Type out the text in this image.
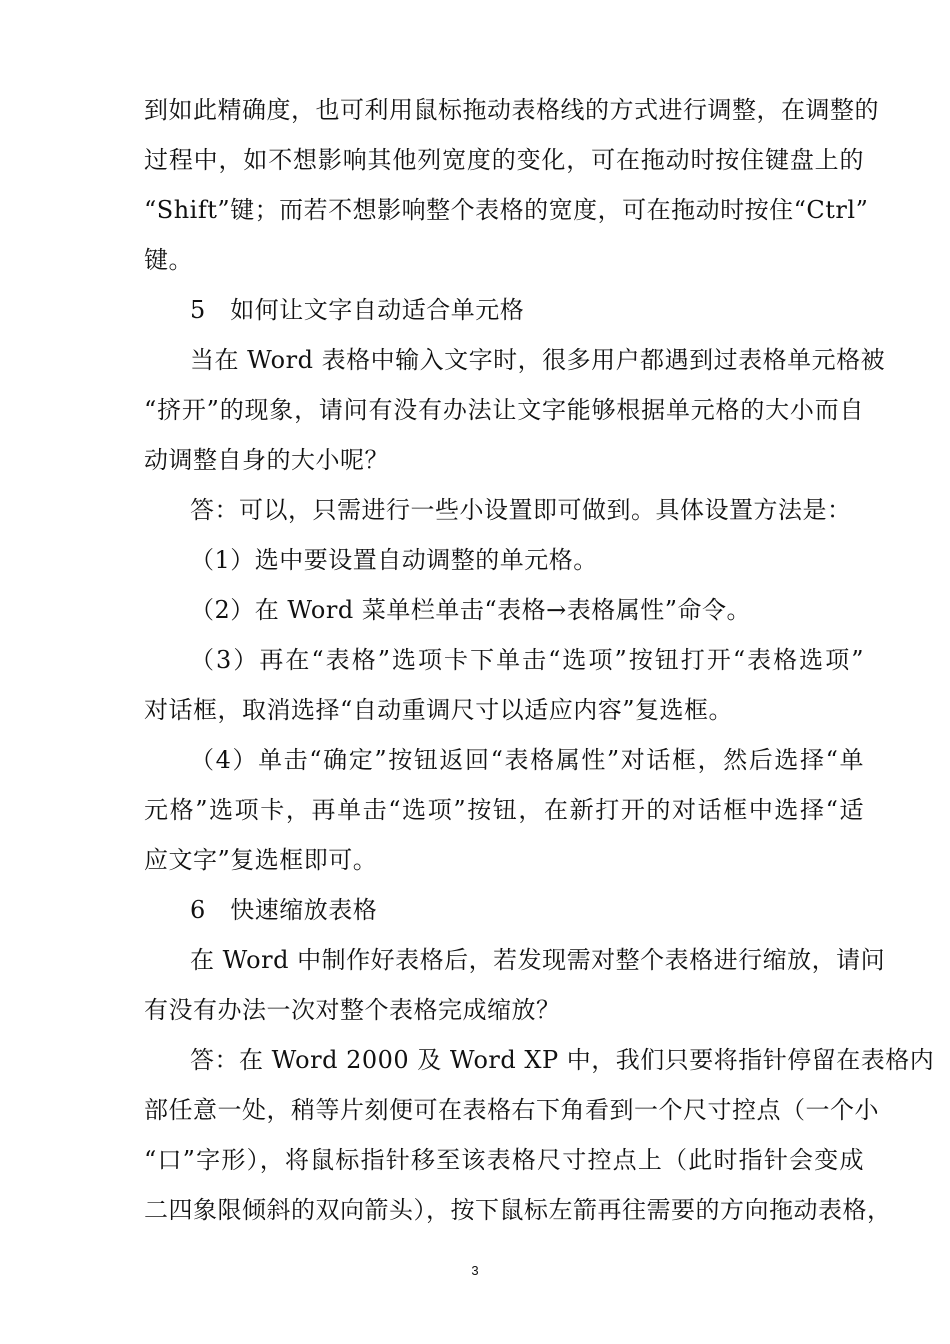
到如此精确度，也可利用鼠标拖动表格线的方式进行调整，在调整的
过程中，如不想影响其他列宽度的变化，可在拖动时按住键盘上的
“Shift”键；而若不想影响整个表格的宽度，可在拖动时按住“Ctrl”
键。
5　如何让文字自动适合单元格
当在 Word 表格中输入文字时，很多用户都遇到过表格单元格被
“挤开”的现象，请问有没有办法让文字能够根据单元格的大小而自
动调整自身的大小呢？
答：可以，只需进行一些小设置即可做到。具体设置方法是：
（1）选中要设置自动调整的单元格。
（2）在 Word 菜单栏单击“表格→表格属性”命令。
（3）再在“表格”选项卡下单击“选项”按钮打开“表格选项”
对话框，取消选择“自动重调尺寸以适应内容”复选框。
（4）单击“确定”按钮返回“表格属性”对话框，然后选择“单
元格”选项卡，再单击“选项”按钮，在新打开的对话框中选择“适
应文字”复选框即可。
6　快速缩放表格
在 Word 中制作好表格后，若发现需对整个表格进行缩放，请问
有没有办法一次对整个表格完成缩放？
答：在 Word 2000 及 Word XP 中，我们只要将指针停留在表格内
部任意一处，稍等片刻便可在表格右下角看到一个尺寸控点（一个小
“口”字形），将鼠标指针移至该表格尺寸控点上（此时指针会变成
二四象限倾斜的双向箭头），按下鼠标左箭再往需要的方向拖动表格，
3
